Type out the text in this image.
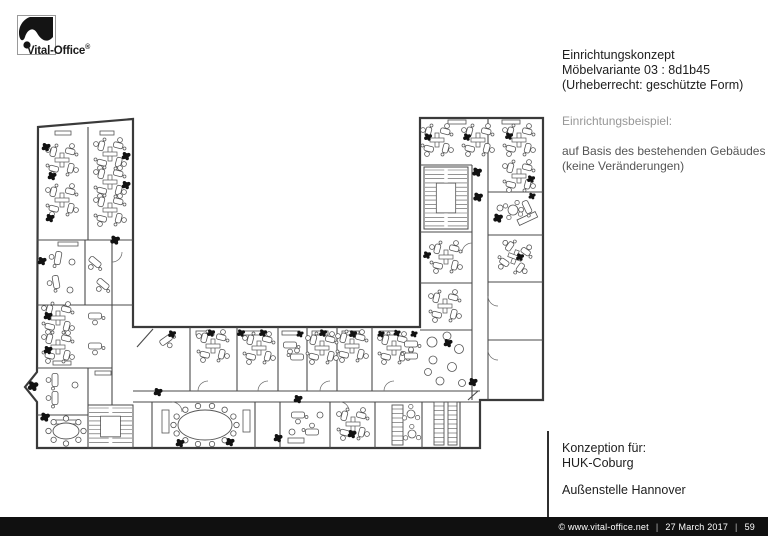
Vital-Office®
Einrichtungskonzept
Möbelvariante 03 : 8d1b45
(Urheberrecht: geschützte Form)
Einrichtungsbeispiel:
auf Basis des bestehenden Gebäudes
(keine Veränderungen)
Konzeption für:
HUK-Coburg
Außenstelle Hannover
© www.vital-office.net | 27 March 2017 | 59
